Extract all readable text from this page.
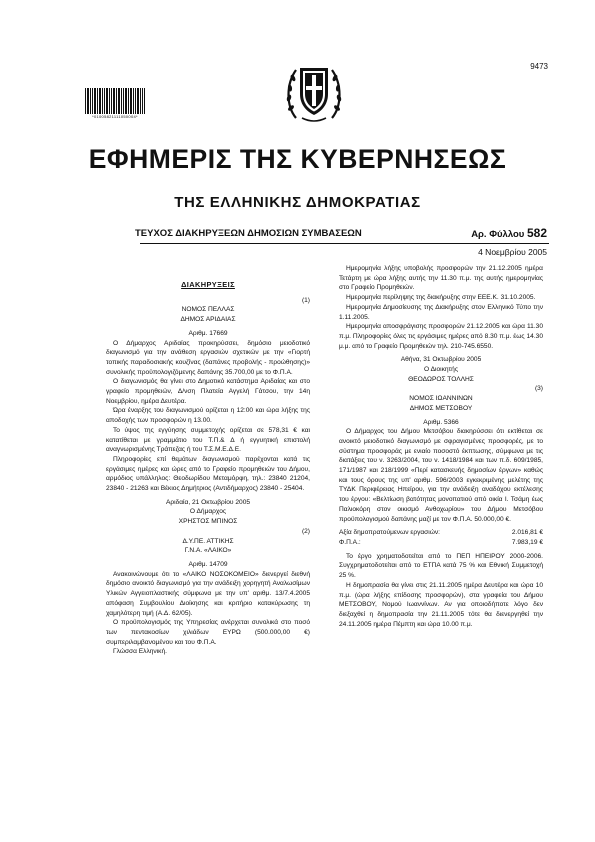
9473
*01005821111050004*
ΕΦΗΜΕΡΙΣ ΤΗΣ ΚΥΒΕΡΝΗΣΕΩΣ
ΤΗΣ ΕΛΛΗΝΙΚΗΣ ΔΗΜΟΚΡΑΤΙΑΣ
ΤΕΥΧΟΣ ΔΙΑΚΗΡΥΞΕΩΝ ΔΗΜΟΣΙΩΝ ΣΥΜΒΑΣΕΩΝ	Αρ. Φύλλου 582
4 Νοεμβρίου 2005
ΔΙΑΚΗΡΥΞΕΙΣ
(1)
ΝΟΜΟΣ ΠΕΛΛΑΣ
ΔΗΜΟΣ ΑΡΙΔΑΙΑΣ
Αριθμ. 17669
Ο Δήμαρχος Αριδαίας προκηρύσσει, δημόσιο μειοδοτικό διαγωνισμό για την ανάθεση εργασιών σχετικών με την «Γιορτή τοπικής παραδοσιακής κουζίνας (δαπάνες προβολής - προώθησης)» συνολικής προϋπολογιζόμενης δαπάνης 35.700,00 με το Φ.Π.Α.
Ο διαγωνισμός θα γίνει στο Δημοτικό κατάστημα Αριδαίας και στο γραφείο προμηθειών, Δ/νση Πλατεία Αγγελή Γάτσου, την 14η Νοεμβρίου, ημέρα Δευτέρα.
Ώρα έναρξης του διαγωνισμού ορίζεται η 12:00 και ώρα λήξης της αποδοχής των προσφορών η 13.00.
Το ύψος της εγγύησης συμμετοχής ορίζεται σε 578,31 € και κατατίθεται με γραμμάτιο του Τ.Π.& Δ ή εγγυητική επιστολή αναγνωρισμένης Τράπεζας ή του Τ.Σ.Μ.Ε.Δ.Ε.
Πληροφορίες επί θεμάτων διαγωνισμού παρέχονται κατά τις εργάσιμες ημέρες και ώρες από το Γραφείο προμηθειών του Δήμου, αρμόδιος υπάλληλος: Θεοδωρίδου Μεταμόρφη, τηλ.: 23840 21204, 23840 - 21263 και Βέκιος Δημήτριος (Αντιδήμαρχος) 23840 - 25404.
Αριδαία, 21 Οκτωβρίου 2005
Ο Δήμαρχος
ΧΡΗΣΤΟΣ ΜΠΙΝΟΣ
(2)
Δ.Υ.ΠΕ. ΑΤΤΙΚΗΣ
Γ.Ν.Α. «ΛΑΙΚΟ»
Αριθμ. 14709
Ανακοινώνουμε ότι το «ΛΑΙΚΟ ΝΟΣΟΚΟΜΕΙΟ» διενεργεί διεθνή δημόσιο ανοικτό διαγωνισμό για την ανάδειξη χορηγητή Αναλωσίμων Υλικών Αγγειοπλαστικής σύμφωνα με την υπ' αριθμ. 13/7.4.2005 απόφαση Συμβουλίου Διοίκησης και κριτήριο κατακύρωσης τη χαμηλότερη τιμή (Α.Δ. 62/05).
Ο προϋπολογισμός της Υπηρεσίας ανέρχεται συνολικά στο ποσό των πεντακοσίων χιλιάδων ΕΥΡΩ (500.000,00 €) συμπεριλαμβανομένου και του Φ.Π.Α.
Γλώσσα Ελληνική.
Ημερομηνία λήξης υποβολής προσφορών την 21.12.2005 ημέρα Τετάρτη με ώρα λήξης αυτής την 11.30 π.μ. της αυτής ημερομηνίας στο Γραφείο Προμηθειών.
Ημερομηνία περίληψης της διακήρυξης στην ΕΕΕ.Κ. 31.10.2005.
Ημερομηνία Δημοσίευσης της Διακήρυξης στον Ελληνικό Τύπο την 1.11.2005.
Ημερομηνία αποσφράγισης προσφορών 21.12.2005 και ώρα 11.30 π.μ. Πληροφορίες όλες τις εργάσιμες ημέρες από 8.30 π.μ. έως 14.30 μ.μ. από το Γραφείο Προμηθειών τηλ. 210-745.6550.
Αθήνα, 31 Οκτωβρίου 2005
Ο Διοικητής
ΘΕΟΔΩΡΟΣ ΤΟΛΛΗΣ
(3)
ΝΟΜΟΣ ΙΩΑΝΝΙΝΩΝ
ΔΗΜΟΣ ΜΕΤΣΟΒΟΥ
Αριθμ. 5366
Ο Δήμαρχος του Δήμου Μετσόβου διακηρύσσει ότι εκτίθεται σε ανοικτό μειοδοτικό διαγωνισμό με σφραγισμένες προσφορές, με το σύστημα προσφοράς με ενιαίο ποσοστό έκπτωσης, σύμφωνα με τις διατάξεις του ν. 3263/2004, του ν. 1418/1984 και των π.δ. 609/1985, 171/1987 και 218/1999 «Περί κατασκευής δημοσίων έργων» καθώς και τους όρους της υπ' αριθμ. 596/2003 εγκεκριμένης μελέτης της ΤΥΔΚ Περιφέρειας Ηπείρου, για την ανάδειξη αναδόχου εκτέλεσης του έργου: «Βελτίωση βατότητας μονοπατιού από οικία Ι. Τσάμη έως Παλιοκόρη στον οικισμό Ανθοχωρίου» του Δήμου Μετσόβου προϋπολογισμού δαπάνης μαζί με τον Φ.Π.Α. 50.000,00 €.
Αξία δημοπρατούμενων εργασιών:	2.016,81 €
Φ.Π.Α.:	7.983,19 €
Το έργο χρηματοδοτείται από το ΠΕΠ ΗΠΕΙΡΟΥ 2000-2006. Συγχρηματοδοτείται από το ΕΤΠΑ κατά 75 % και Εθνική Συμμετοχή 25 %.
Η δημοπρασία θα γίνει στις 21.11.2005 ημέρα Δευτέρα και ώρα 10 π.μ. (ώρα λήξης επίδοσης προσφορών), στα γραφεία του Δήμου ΜΕΤΣΟΒΟΥ, Νομού Ιωαννίνων. Αν για οποιοδήποτε λόγο δεν διεξαχθεί η δημοπρασία την 21.11.2005 τότε θα διενεργηθεί την 24.11.2005 ημέρα Πέμπτη και ώρα 10.00 π.μ.
